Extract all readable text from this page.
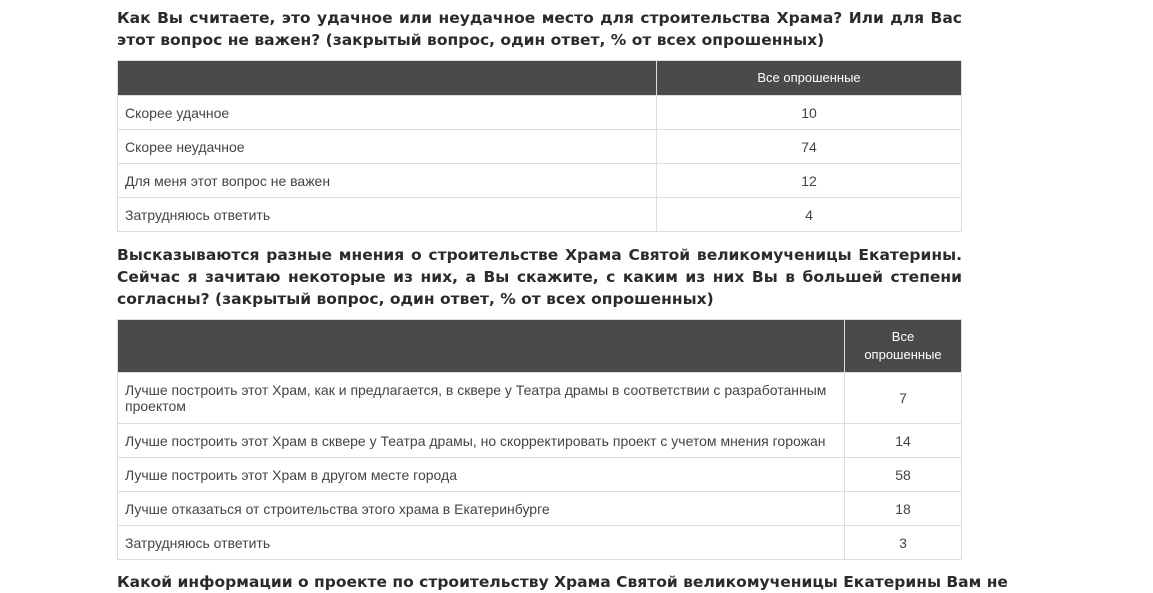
Как Вы считаете, это удачное или неудачное место для строительства Храма? Или для Вас этот вопрос не важен? (закрытый вопрос, один ответ, % от всех опрошенных)

	Все опрошенные
Скорее удачное	10
Скорее неудачное	74
Для меня этот вопрос не важен	12
Затрудняюсь ответить	4

Высказываются разные мнения о строительстве Храма Святой великомученицы Екатерины. Сейчас я зачитаю некоторые из них, а Вы скажите, с каким из них Вы в большей степени согласны? (закрытый вопрос, один ответ, % от всех опрошенных)

	Все опрошенные
Лучше построить этот Храм, как и предлагается, в сквере у Театра драмы в соответствии с разработанным проектом	7
Лучше построить этот Храм в сквере у Театра драмы, но скорректировать проект с учетом мнения горожан	14
Лучше построить этот Храм в другом месте города	58
Лучше отказаться от строительства этого храма в Екатеринбурге	18
Затрудняюсь ответить	3

Какой информации о проекте по строительству Храма Святой великомученицы Екатерины Вам не
